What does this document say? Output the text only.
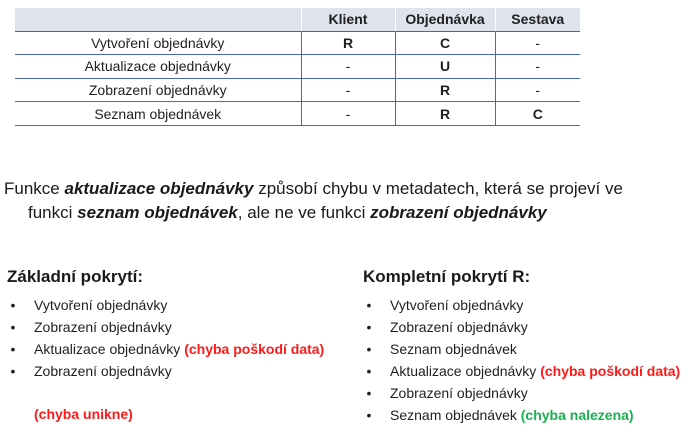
	Klient	Objednávka	Sestava
Vytvoření objednávky	R	C	-
Aktualizace objednávky	-	U	-
Zobrazení objednávky	-	R	-
Seznam objednávek	-	R	C

Funkce aktualizace objednávky způsobí chybu v metadatech, která se projeví ve
funkci seznam objednávek, ale ne ve funkci zobrazení objednávky

Základní pokrytí:
• Vytvoření objednávky
• Zobrazení objednávky
• Aktualizace objednávky (chyba poškodí data)
• Zobrazení objednávky
(chyba unikne)
Kompletní pokrytí R:
• Vytvoření objednávky
• Zobrazení objednávky
• Seznam objednávek
• Aktualizace objednávky (chyba poškodí data)
• Zobrazení objednávky
• Seznam objednávek (chyba nalezena)
